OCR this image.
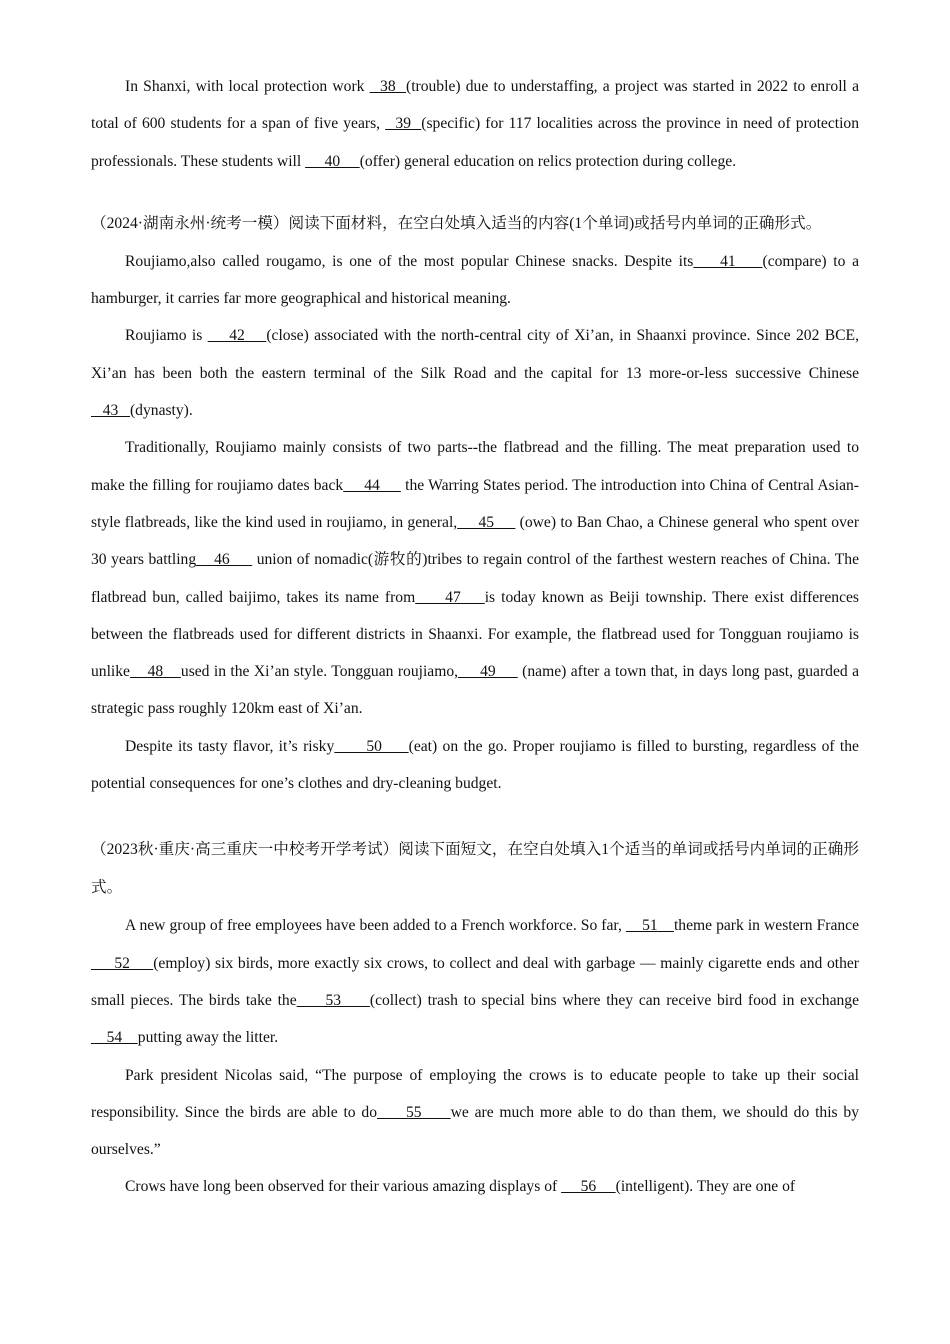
In Shanxi, with local protection work   38  (trouble) due to understaffing, a project was started in 2022 to enroll a total of 600 students for a span of five years,   39  (specific) for 117 localities across the province in need of protection professionals. These students will      40     (offer) general education on relics protection during college.

（2024·湖南永州·统考一模）阅读下面材料，在空白处填入适当的内容(1个单词)或括号内单词的正确形式。

Roujiamo,also called rougamo, is one of the most popular Chinese snacks. Despite its    41    (compare) to a hamburger, it carries far more geographical and historical meaning.

Roujiamo is     42    (close) associated with the north-central city of Xi’an, in Shaanxi province. Since 202 BCE, Xi’an has been both the eastern terminal of the Silk Road and the capital for 13 more-or-less successive Chinese    43   (dynasty).

Traditionally, Roujiamo mainly consists of two parts--the flatbread and the filling. The meat preparation used to make the filling for roujiamo dates back     44      the Warring States period. The introduction into China of Central Asian-style flatbreads, like the kind used in roujiamo, in general,     45      (owe) to Ban Chao, a Chinese general who spent over 30 years battling    46      union of nomadic(游牧的)tribes to regain control of the farthest western reaches of China. The flatbread bun, called baijimo, takes its name from     47    is today known as Beiji township. There exist differences between the flatbreads used for different districts in Shaanxi. For example, the flatbread used for Tongguan roujiamo is unlike    48    used in the Xi’an style. Tongguan roujiamo,     49      (name) after a town that, in days long past, guarded a strategic pass roughly 120km east of Xi’an.

Despite its tasty flavor, it’s risky      50     (eat) on the go. Proper roujiamo is filled to bursting, regardless of the potential consequences for one’s clothes and dry-cleaning budget.

（2023秋·重庆·高三重庆一中校考开学考试）阅读下面短文，在空白处填入1个适当的单词或括号内单词的正确形式。

A new group of free employees have been added to a French workforce. So far,     51    theme park in western France     52     (employ) six birds, more exactly six crows, to collect and deal with garbage — mainly cigarette ends and other small pieces. The birds take the     53     (collect) trash to special bins where they can receive bird food in exchange    54    putting away the litter.

Park president Nicolas said, “The purpose of employing the crows is to educate people to take up their social responsibility. Since the birds are able to do     55     we are much more able to do than them, we should do this by ourselves.”

Crows have long been observed for their various amazing displays of      56     (intelligent). They are one of
